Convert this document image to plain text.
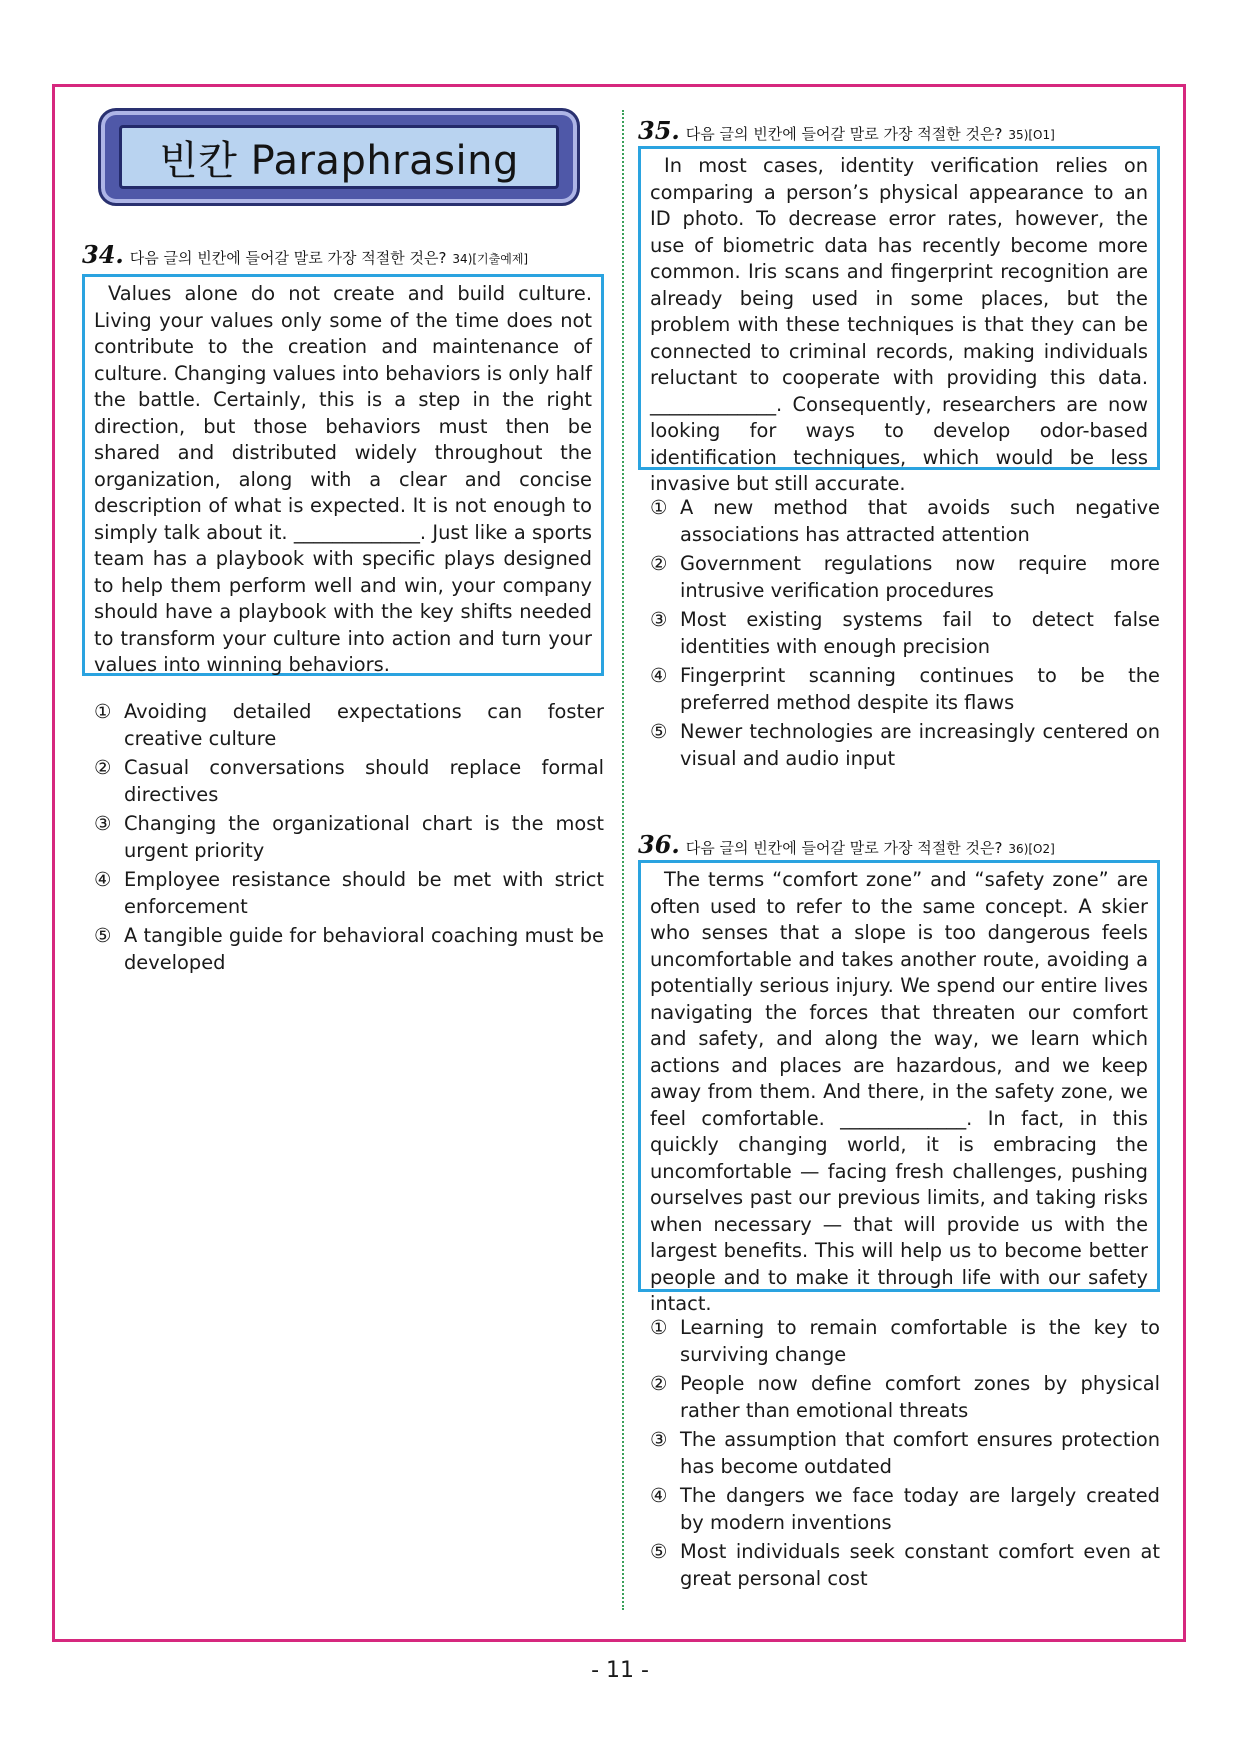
빈칸 Paraphrasing
34. 다음 글의 빈칸에 들어갈 말로 가장 적절한 것은? 34)[기출예제]

Values alone do not create and build culture. Living your values only some of the time does not contribute to the creation and maintenance of culture. Changing values into behaviors is only half the battle. Certainly, this is a step in the right direction, but those behaviors must then be shared and distributed widely throughout the organization, along with a clear and concise description of what is expected. It is not enough to simply talk about it. _____________. Just like a sports team has a playbook with specific plays designed to help them perform well and win, your company should have a playbook with the key shifts needed to transform your culture into action and turn your values into winning behaviors.

① Avoiding detailed expectations can foster creative culture
② Casual conversations should replace formal directives
③ Changing the organizational chart is the most urgent priority
④ Employee resistance should be met with strict enforcement
⑤ A tangible guide for behavioral coaching must be developed
35. 다음 글의 빈칸에 들어갈 말로 가장 적절한 것은? 35)[O1]

In most cases, identity verification relies on comparing a person’s physical appearance to an ID photo. To decrease error rates, however, the use of biometric data has recently become more common. Iris scans and fingerprint recognition are already being used in some places, but the problem with these techniques is that they can be connected to criminal records, making individuals reluctant to cooperate with providing this data. _____________. Consequently, researchers are now looking for ways to develop odor-based identification techniques, which would be less invasive but still accurate.

① A new method that avoids such negative associations has attracted attention
② Government regulations now require more intrusive verification procedures
③ Most existing systems fail to detect false identities with enough precision
④ Fingerprint scanning continues to be the preferred method despite its flaws
⑤ Newer technologies are increasingly centered on visual and audio input
36. 다음 글의 빈칸에 들어갈 말로 가장 적절한 것은? 36)[O2]

The terms “comfort zone” and “safety zone” are often used to refer to the same concept. A skier who senses that a slope is too dangerous feels uncomfortable and takes another route, avoiding a potentially serious injury. We spend our entire lives navigating the forces that threaten our comfort and safety, and along the way, we learn which actions and places are hazardous, and we keep away from them. And there, in the safety zone, we feel comfortable. _____________. In fact, in this quickly changing world, it is embracing the uncomfortable — facing fresh challenges, pushing ourselves past our previous limits, and taking risks when necessary — that will provide us with the largest benefits. This will help us to become better people and to make it through life with our safety intact.

① Learning to remain comfortable is the key to surviving change
② People now define comfort zones by physical rather than emotional threats
③ The assumption that comfort ensures protection has become outdated
④ The dangers we face today are largely created by modern inventions
⑤ Most individuals seek constant comfort even at great personal cost
- 11 -
